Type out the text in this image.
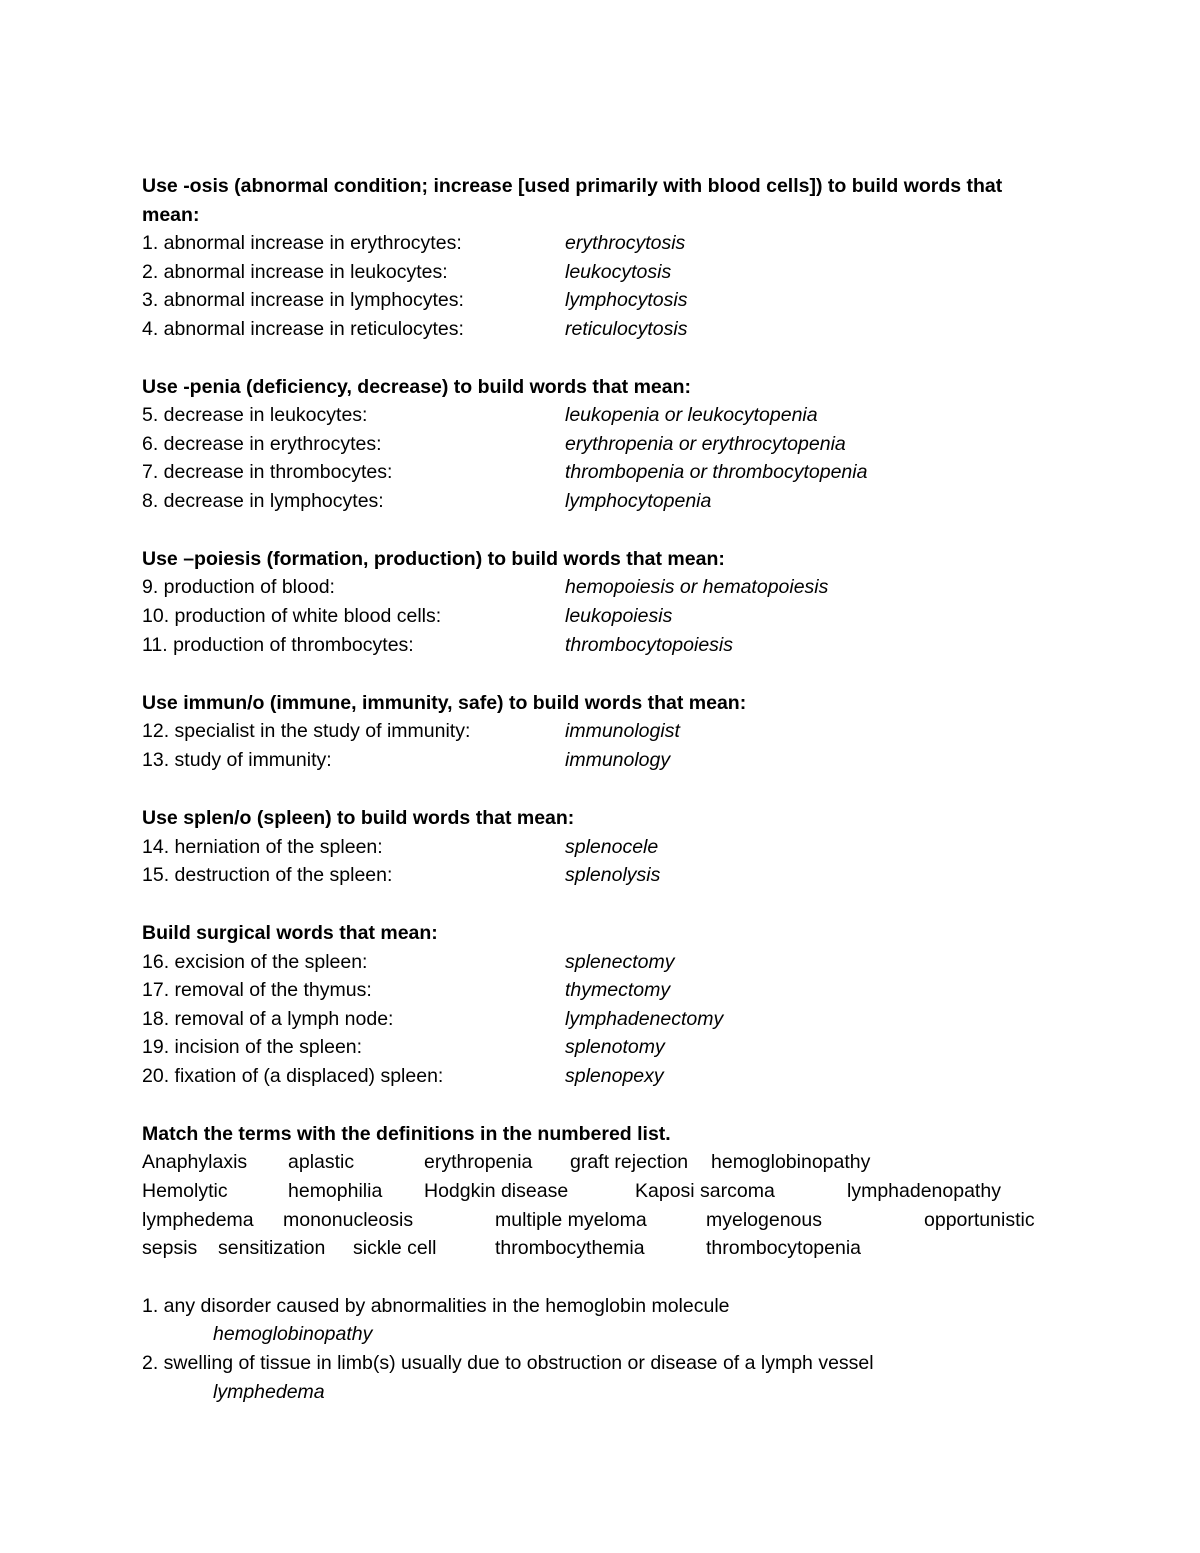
Use -osis (abnormal condition; increase [used primarily with blood cells]) to build words that
mean:
1. abnormal increase in erythrocytes:	erythrocytosis
2. abnormal increase in leukocytes:	leukocytosis
3. abnormal increase in lymphocytes:	lymphocytosis
4. abnormal increase in reticulocytes:	reticulocytosis
Use -penia (deficiency, decrease) to build words that mean:
5. decrease in leukocytes:	leukopenia or leukocytopenia
6. decrease in erythrocytes:	erythropenia or erythrocytopenia
7. decrease in thrombocytes:	thrombopenia or thrombocytopenia
8. decrease in lymphocytes:	lymphocytopenia
Use –poiesis (formation, production) to build words that mean:
9. production of blood:	hemopoiesis or hematopoiesis
10. production of white blood cells:	leukopoiesis
11. production of thrombocytes:	thrombocytopoiesis
Use immun/o (immune, immunity, safe) to build words that mean:
12. specialist in the study of immunity:	immunologist
13. study of immunity:	immunology
Use splen/o (spleen) to build words that mean:
14. herniation of the spleen:	splenocele
15. destruction of the spleen:	splenolysis
Build surgical words that mean:
16. excision of the spleen:	splenectomy
17. removal of the thymus:	thymectomy
18. removal of a lymph node:	lymphadenectomy
19. incision of the spleen:	splenotomy
20. fixation of (a displaced) spleen:	splenopexy
Match the terms with the definitions in the numbered list.
Anaphylaxis aplastic	erythropenia graft rejection hemoglobinopathy
Hemolytic	hemophilia Hodgkin disease	Kaposi sarcoma	lymphadenopathy
lymphedema mononucleosis	multiple myeloma	myelogenous	opportunistic
sepsis sensitization sickle cell	thrombocythemia	thrombocytopenia
1. any disorder caused by abnormalities in the hemoglobin molecule
hemoglobinopathy
2. swelling of tissue in limb(s) usually due to obstruction or disease of a lymph vessel
lymphedema
